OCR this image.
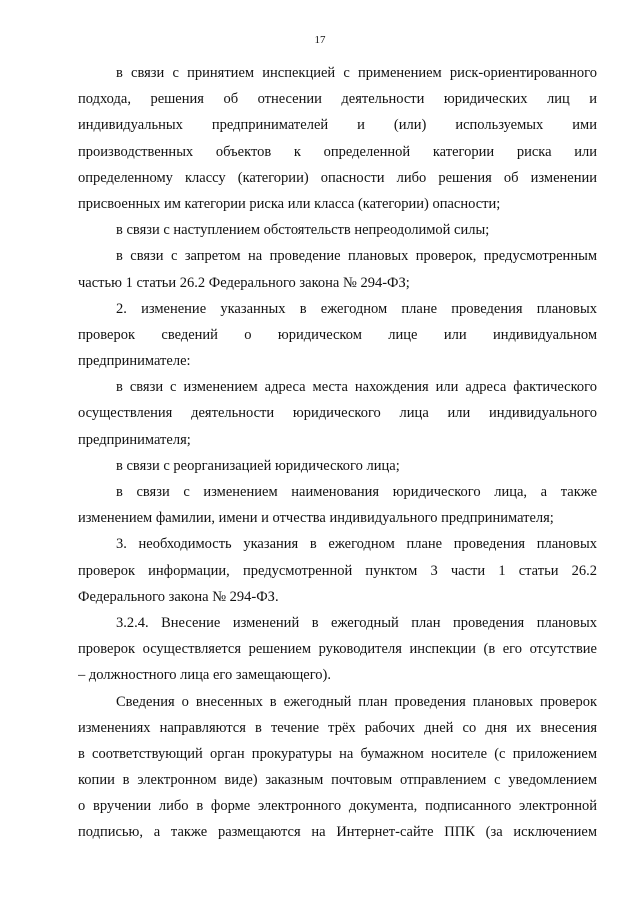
17
в связи с принятием инспекцией с применением риск-ориентированного
подхода, решения об отнесении деятельности юридических лиц и
индивидуальных предпринимателей и (или) используемых ими
производственных объектов к определенной категории риска или
определенному классу (категории) опасности либо решения об изменении
присвоенных им категории риска или класса (категории) опасности;
в связи с наступлением обстоятельств непреодолимой силы;
в связи с запретом на проведение плановых проверок, предусмотренным
частью 1 статьи 26.2 Федерального закона № 294-ФЗ;
2. изменение указанных в ежегодном плане проведения плановых
проверок сведений о юридическом лице или индивидуальном
предпринимателе:
в связи с изменением адреса места нахождения или адреса фактического
осуществления деятельности юридического лица или индивидуального
предпринимателя;
в связи с реорганизацией юридического лица;
в связи с изменением наименования юридического лица, а также
изменением фамилии, имени и отчества индивидуального предпринимателя;
3. необходимость указания в ежегодном плане проведения плановых
проверок информации, предусмотренной пунктом 3 части 1 статьи 26.2
Федерального закона № 294-ФЗ.
3.2.4. Внесение изменений в ежегодный план проведения плановых
проверок осуществляется решением руководителя инспекции (в его отсутствие
– должностного лица его замещающего).
Сведения о внесенных в ежегодный план проведения плановых проверок
изменениях направляются в течение трёх рабочих дней со дня их внесения
в соответствующий орган прокуратуры на бумажном носителе (с приложением
копии в электронном виде) заказным почтовым отправлением с уведомлением
о вручении либо в форме электронного документа, подписанного электронной
подписью, а также размещаются на Интернет-сайте ППК (за исключением
